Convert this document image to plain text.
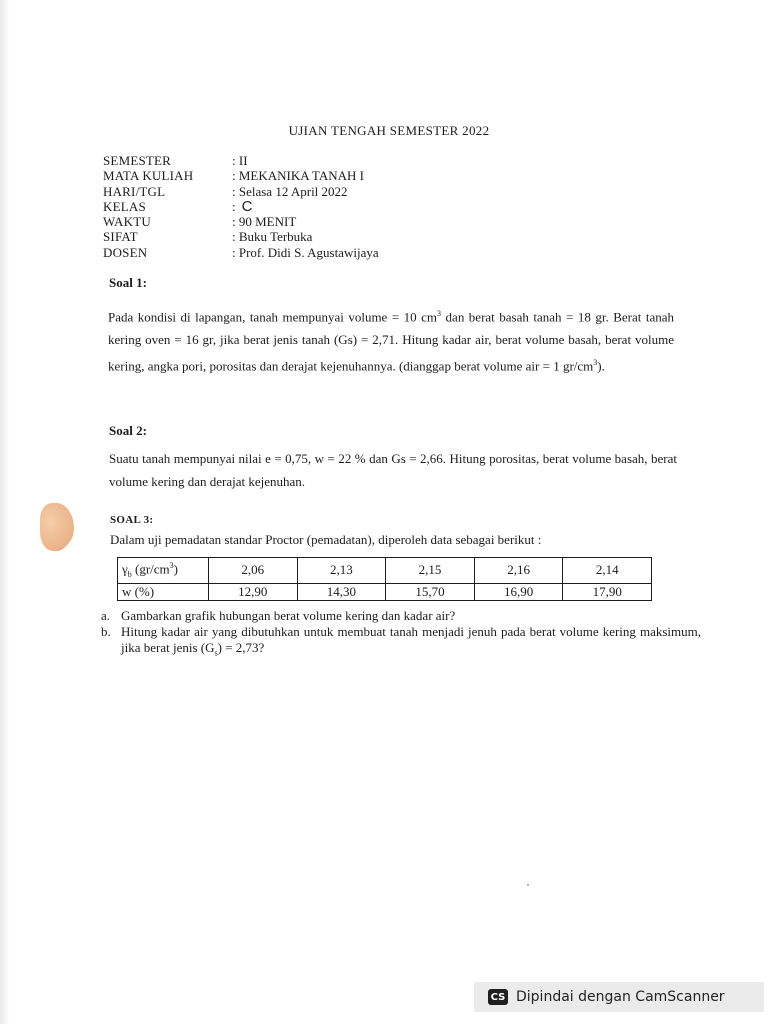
UJIAN TENGAH SEMESTER 2022
SEMESTER	: II
MATA KULIAH	: MEKANIKA TANAH I
HARI/TGL	: Selasa 12 April 2022
KELAS	: C
WAKTU	: 90 MENIT
SIFAT	: Buku Terbuka
DOSEN	: Prof. Didi S. Agustawijaya
Soal 1:
Pada kondisi di lapangan, tanah mempunyai volume = 10 $cm^3$ dan berat basah tanah = 18 gr. Berat tanah kering oven = 16 gr, jika berat jenis tanah (Gs) = 2,71. Hitung kadar air, berat volume basah, berat volume kering, angka pori, porositas dan derajat kejenuhannya. (dianggap berat volume air = 1 $gr/cm^3$).
Soal 2:
Suatu tanah mempunyai nilai e = 0,75, w = 22 % dan Gs = 2,66. Hitung porositas, berat volume basah, berat volume kering dan derajat kejenuhan.
SOAL 3:
Dalam uji pemadatan standar Proctor (pemadatan), diperoleh data sebagai berikut :
$\gamma_b$ $(gr/cm^3)$	2,06	2,13	2,15	2,16	2,14
w (%)	12,90	14,30	15,70	16,90	17,90
a. Gambarkan grafik hubungan berat volume kering dan kadar air?
b. Hitung kadar air yang dibutuhkan untuk membuat tanah menjadi jenuh pada berat volume kering maksimum, jika berat jenis $(G_s) = 2,73$?
CS Dipindai dengan CamScanner
